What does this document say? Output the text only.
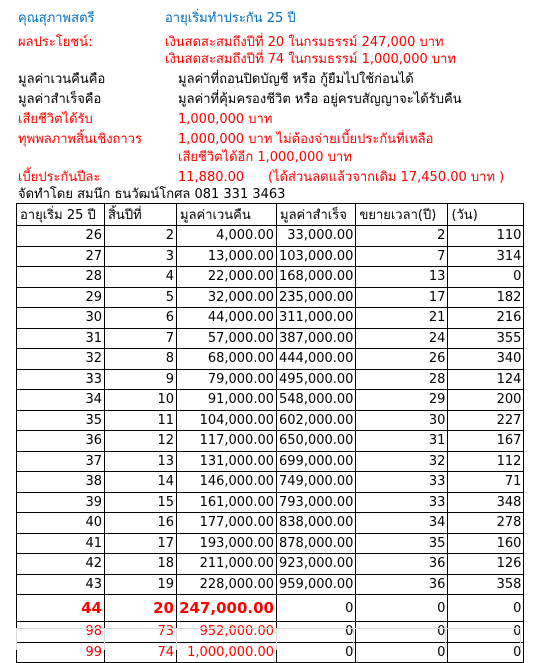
คุณสุภาพสตรี	อายุเริ่มทำประกัน 25 ปี
ผลประโยชน์:	เงินสดสะสมถึงปีที่ 20 ในกรมธรรม์ 247,000 บาท
เงินสดสะสมถึงปีที่ 74 ในกรมธรรม์ 1,000,000 บาท
มูลค่าเวนคืนคือ	มูลค่าที่ถอนปิดบัญชี หรือ กู้ยืมไปใช้ก่อนได้
มูลค่าสำเร็จคือ	มูลค่าที่คุ้มครองชีวิต หรือ อยู่ครบสัญญาจะได้รับคืน
เสียชีวิตได้รับ	1,000,000 บาท
ทุพพลภาพสิ้นเชิงถาวร	1,000,000 บาท ไม่ต้องจ่ายเบี้ยประกันที่เหลือ
เสียชีวิตได้อีก 1,000,000 บาท
เบี้ยประกันปีละ	11,880.00 (ได้ส่วนลดแล้วจากเดิม 17,450.00 บาท )
จัดทำโดย สมนึก ธนวัฒน์โกศล 081 331 3463
อายุเริ่ม 25 ปี	สิ้นปีที่	มูลค่าเวนคืน	มูลค่าสำเร็จ	ขยายเวลา(ปี)	(วัน)
26	2	4,000.00	33,000.00	2	110
27	3	13,000.00	103,000.00	7	314
28	4	22,000.00	168,000.00	13	0
29	5	32,000.00	235,000.00	17	182
30	6	44,000.00	311,000.00	21	216
31	7	57,000.00	387,000.00	24	355
32	8	68,000.00	444,000.00	26	340
33	9	79,000.00	495,000.00	28	124
34	10	91,000.00	548,000.00	29	200
35	11	104,000.00	602,000.00	30	227
36	12	117,000.00	650,000.00	31	167
37	13	131,000.00	699,000.00	32	112
38	14	146,000.00	749,000.00	33	71
39	15	161,000.00	793,000.00	33	348
40	16	177,000.00	838,000.00	34	278
41	17	193,000.00	878,000.00	35	160
42	18	211,000.00	923,000.00	36	126
43	19	228,000.00	959,000.00	36	358
44	20	247,000.00	0	0	0
98	73	952,000.00	0	0	0
99	74	1,000,000.00	0	0	0
